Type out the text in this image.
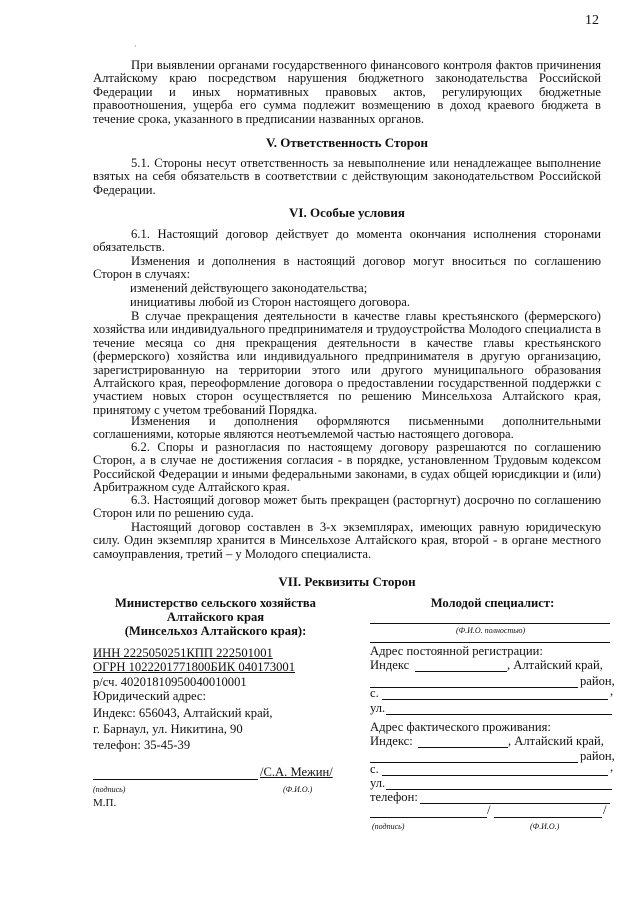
12
·
При выявлении органами государственного финансового контроля фактов причинения Алтайскому краю посредством нарушения бюджетного законодательства Российской Федерации и иных нормативных правовых актов, регулирующих бюджетные правоотношения, ущерба его сумма подлежит возмещению в доход краевого бюджета в течение срока, указанного в предписании названных органов.
V. Ответственность Сторон
5.1. Стороны несут ответственность за невыполнение или ненадлежащее выполнение взятых на себя обязательств в соответствии с действующим законодательством Российской Федерации.
VI. Особые условия
6.1. Настоящий договор действует до момента окончания исполнения сторонами обязательств.
Изменения и дополнения в настоящий договор могут вноситься по соглашению Сторон в случаях:
изменений действующего законодательства;
инициативы любой из Сторон настоящего договора.
В случае прекращения деятельности в качестве главы крестьянского (фермерского) хозяйства или индивидуального предпринимателя и трудоустройства Молодого специалиста в течение месяца со дня прекращения деятельности в качестве главы крестьянского (фермерского) хозяйства или индивидуального предпринимателя в другую организацию, зарегистрированную на территории этого или другого муниципального образования Алтайского края, переоформление договора о предоставлении государственной поддержки с участием новых сторон осуществляется по решению Минсельхоза Алтайского края, принятому с учетом требований Порядка.
Изменения и дополнения оформляются письменными дополнительными соглашениями, которые являются неотъемлемой частью настоящего договора.
6.2. Споры и разногласия по настоящему договору разрешаются по соглашению Сторон, а в случае не достижения согласия - в порядке, установленном Трудовым кодексом Российской Федерации и иными федеральными законами, в судах общей юрисдикции и (или) Арбитражном суде Алтайского края.
6.3. Настоящий договор может быть прекращен (расторгнут) досрочно по соглашению Сторон или по решению суда.
Настоящий договор составлен в 3-х экземплярах, имеющих равную юридическую силу. Один экземпляр хранится в Минсельхозе Алтайского края, второй - в органе местного самоуправления, третий – у Молодого специалиста.
VII. Реквизиты Сторон
Министерство сельского хозяйства
Алтайского края
(Минсельхоз Алтайского края):
ИНН 2225050251КПП 222501001
ОГРН 1022201771800БИК 040173001
р/сч. 40201810950040010001
Юридический адрес:
Индекс: 656043, Алтайский край,
г. Барнаул, ул. Никитина, 90
телефон: 35-45-39
/С.А. Межин/
(подпись)	(Ф.И.О.)
М.П.
Молодой специалист:
(Ф.И.О. полностью)
Адрес постоянной регистрации:
Индекс	, Алтайский край,
район,
с.	,
ул.
Адрес фактического проживания:
Индекс:	, Алтайский край,
район,
с.	,
ул.
телефон:
/	/
(подпись)	(Ф.И.О.)
